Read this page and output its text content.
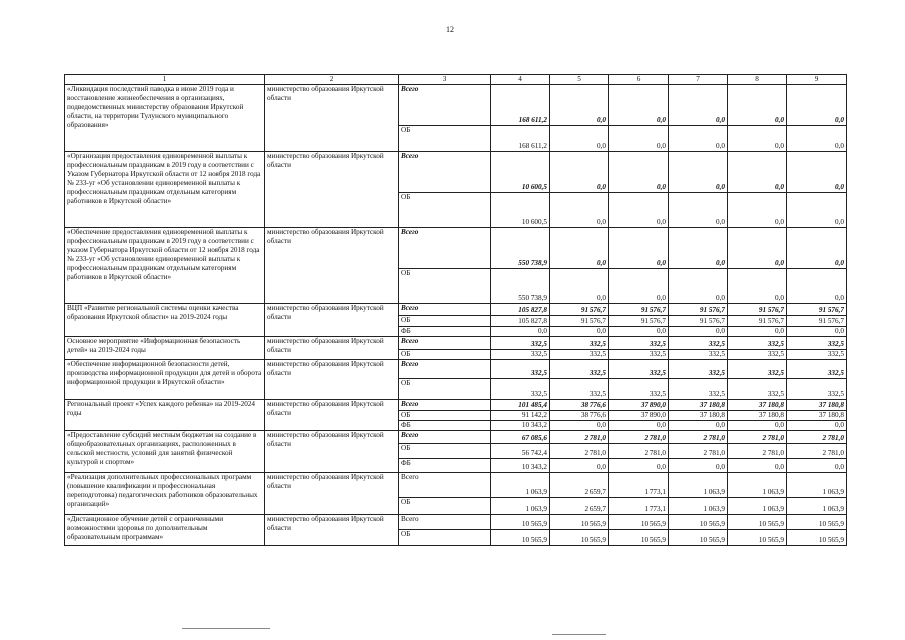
12
1	2	3	4	5	6	7	8	9
«Ликвидация последствий паводка в июне 2019 года и восстановление жизнеобеспечения в организациях, подведомственных министерству образования Иркутской области, на территории Тулунского муниципального образования»	министерство образования Иркутской области	Всего	168 611,2	0,0	0,0	0,0	0,0	0,0
		ОБ	168 611,2	0,0	0,0	0,0	0,0	0,0
«Организация предоставления единовременной выплаты к профессиональным праздникам в 2019 году в соответствии с Указом Губернатора Иркутской области от 12 ноября 2018 года № 233-уг «Об установлении единовременной выплаты к профессиональным праздникам отдельным категориям работников в Иркутской области»	министерство образования Иркутской области	Всего	10 600,5	0,0	0,0	0,0	0,0	0,0
		ОБ	10 600,5	0,0	0,0	0,0	0,0	0,0
«Обеспечение предоставления единовременной выплаты к профессиональным праздникам в 2019 году в соответствии с указом Губернатора Иркутской области от 12 ноября 2018 года № 233-уг «Об установлении единовременной выплаты к профессиональным праздникам отдельным категориям работников в Иркутской области»	министерство образования Иркутской области	Всего	550 738,9	0,0	0,0	0,0	0,0	0,0
		ОБ	550 738,9	0,0	0,0	0,0	0,0	0,0
ВЦП «Развитие региональной системы оценки качества образования Иркутской области» на 2019-2024 годы	министерство образования Иркутской области	Всего	105 827,8	91 576,7	91 576,7	91 576,7	91 576,7	91 576,7
		ОБ	105 827,8	91 576,7	91 576,7	91 576,7	91 576,7	91 576,7
		ФБ	0,0	0,0	0,0	0,0	0,0	0,0
Основное мероприятие «Информационная безопасность детей» на 2019-2024 годы	министерство образования Иркутской области	Всего	332,5	332,5	332,5	332,5	332,5	332,5
		ОБ	332,5	332,5	332,5	332,5	332,5	332,5
«Обеспечение информационной безопасности детей, производства информационной продукции для детей и оборота информационной продукции в Иркутской области»	министерство образования Иркутской области	Всего	332,5	332,5	332,5	332,5	332,5	332,5
		ОБ	332,5	332,5	332,5	332,5	332,5	332,5
Региональный проект «Успех каждого ребенка» на 2019-2024 годы	министерство образования Иркутской области	Всего	101 485,4	38 776,6	37 890,0	37 180,8	37 180,8	37 180,8
		ОБ	91 142,2	38 776,6	37 890,0	37 180,8	37 180,8	37 180,8
		ФБ	10 343,2	0,0	0,0	0,0	0,0	0,0
«Предоставление субсидий местным бюджетам на создание в общеобразовательных организациях, расположенных в сельской местности, условий для занятий физической культурой и спортом»	министерство образования Иркутской области	Всего	67 085,6	2 781,0	2 781,0	2 781,0	2 781,0	2 781,0
		ОБ	56 742,4	2 781,0	2 781,0	2 781,0	2 781,0	2 781,0
		ФБ	10 343,2	0,0	0,0	0,0	0,0	0,0
«Реализация дополнительных профессиональных программ (повышение квалификации и профессиональная переподготовка) педагогических работников образовательных организаций»	министерство образования Иркутской области	Всего	1 063,9	2 659,7	1 773,1	1 063,9	1 063,9	1 063,9
		ОБ	1 063,9	2 659,7	1 773,1	1 063,9	1 063,9	1 063,9
«Дистанционное обучение детей с ограниченными возможностями здоровья по дополнительным образовательным программам»	министерство образования Иркутской области	Всего	10 565,9	10 565,9	10 565,9	10 565,9	10 565,9	10 565,9
		ОБ	10 565,9	10 565,9	10 565,9	10 565,9	10 565,9	10 565,9
